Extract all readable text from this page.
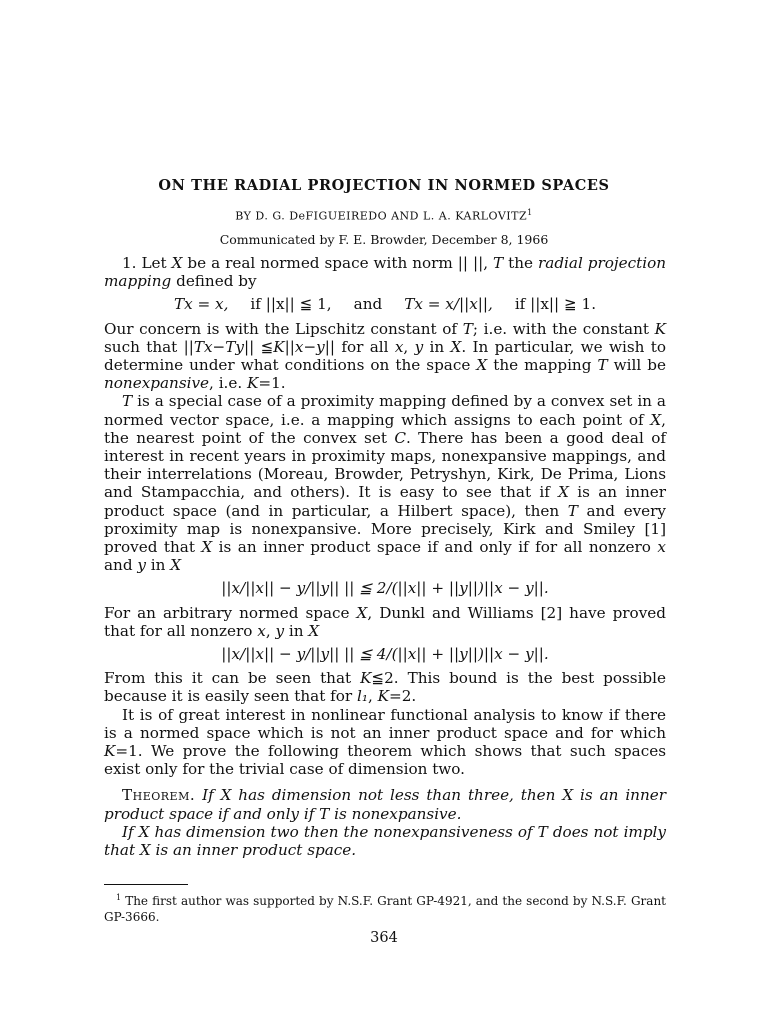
ON THE RADIAL PROJECTION IN NORMED SPACES
BY D. G. DeFIGUEIREDO AND L. A. KARLOVITZ$^1$
Communicated by F. E. Browder, December 8, 1966

1. Let X be a real normed space with norm || ||, T the radial projection mapping defined by

Tx = x, if ||x|| ≦ 1, and Tx = x/||x||, if ||x|| ≧ 1.

Our concern is with the Lipschitz constant of T; i.e. with the constant K such that ||Tx−Ty|| ≦K||x−y|| for all x, y in X. In particular, we wish to determine under what conditions on the space X the mapping T will be nonexpansive, i.e. K=1.

T is a special case of a proximity mapping defined by a convex set in a normed vector space, i.e. a mapping which assigns to each point of X, the nearest point of the convex set C. There has been a good deal of interest in recent years in proximity maps, nonexpansive mappings, and their interrelations (Moreau, Browder, Petryshyn, Kirk, De Prima, Lions and Stampacchia, and others). It is easy to see that if X is an inner product space (and in particular, a Hilbert space), then T and every proximity map is nonexpansive. More precisely, Kirk and Smiley [1] proved that X is an inner product space if and only if for all nonzero x and y in X

||x/||x|| − y/||y|| || ≦ 2/(||x|| + ||y||)||x − y||.

For an arbitrary normed space X, Dunkl and Williams [2] have proved that for all nonzero x, y in X

||x/||x|| − y/||y|| || ≦ 4/(||x|| + ||y||)||x − y||.

From this it can be seen that K≦2. This bound is the best possible because it is easily seen that for l₁, K=2.

It is of great interest in nonlinear functional analysis to know if there is a normed space which is not an inner product space and for which K=1. We prove the following theorem which shows that such spaces exist only for the trivial case of dimension two.

Theorem. If X has dimension not less than three, then X is an inner product space if and only if T is nonexpansive.

If X has dimension two then the nonexpansiveness of T does not imply that X is an inner product space.

$^1$ The first author was supported by N.S.F. Grant GP-4921, and the second by N.S.F. Grant GP-3666.
364
